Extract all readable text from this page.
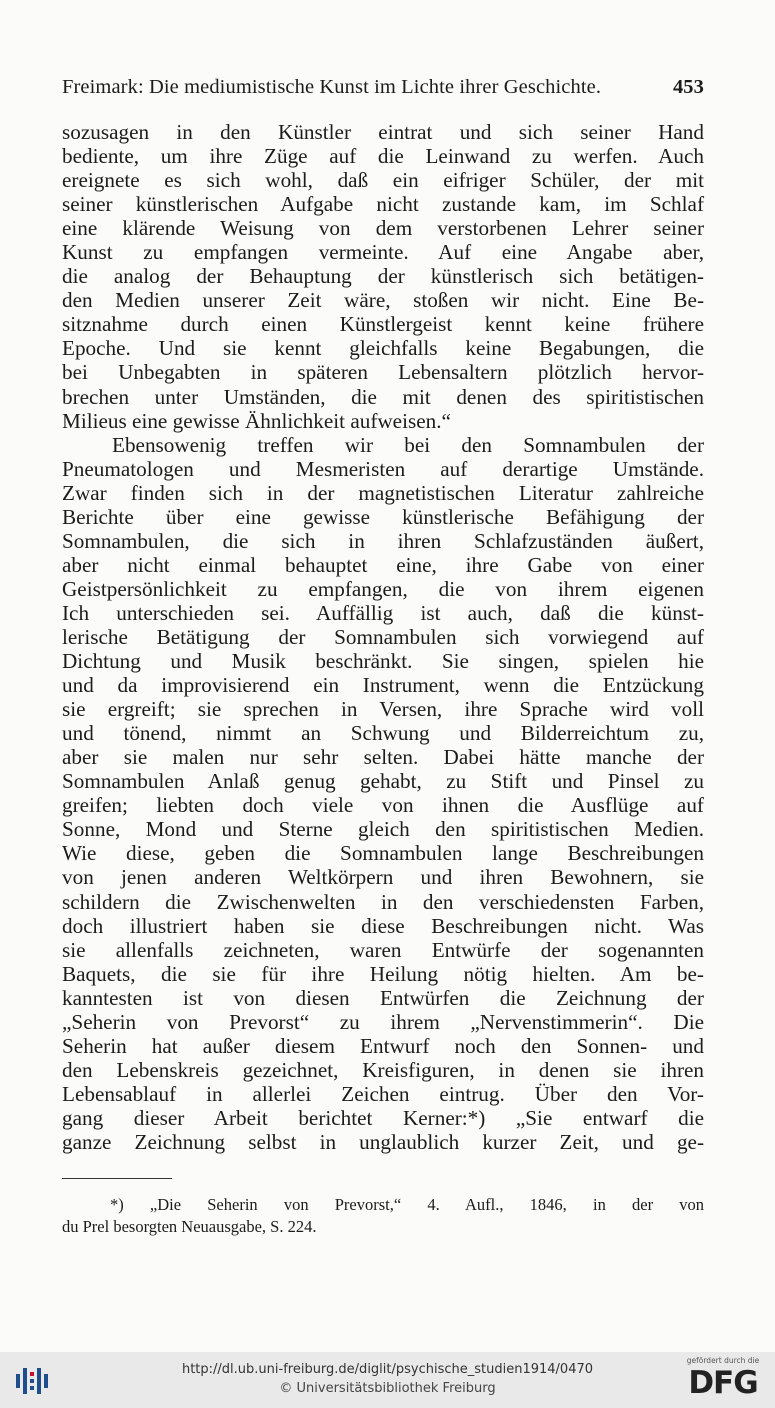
Freimark: Die mediumistische Kunst im Lichte ihrer Geschichte.	453
sozusagen in den Künstler eintrat und sich seiner Hand
bediente, um ihre Züge auf die Leinwand zu werfen. Auch
ereignete es sich wohl, daß ein eifriger Schüler, der mit
seiner künstlerischen Aufgabe nicht zustande kam, im Schlaf
eine klärende Weisung von dem verstorbenen Lehrer seiner
Kunst zu empfangen vermeinte. Auf eine Angabe aber,
die analog der Behauptung der künstlerisch sich betätigen-
den Medien unserer Zeit wäre, stoßen wir nicht. Eine Be-
sitznahme durch einen Künstlergeist kennt keine frühere
Epoche. Und sie kennt gleichfalls keine Begabungen, die
bei Unbegabten in späteren Lebensaltern plötzlich hervor-
brechen unter Umständen, die mit denen des spiritistischen
Milieus eine gewisse Ähnlichkeit aufweisen.“
Ebensowenig treffen wir bei den Somnambulen der
Pneumatologen und Mesmeristen auf derartige Umstände.
Zwar finden sich in der magnetistischen Literatur zahlreiche
Berichte über eine gewisse künstlerische Befähigung der
Somnambulen, die sich in ihren Schlafzuständen äußert,
aber nicht einmal behauptet eine, ihre Gabe von einer
Geistpersönlichkeit zu empfangen, die von ihrem eigenen
Ich unterschieden sei. Auffällig ist auch, daß die künst-
lerische Betätigung der Somnambulen sich vorwiegend auf
Dichtung und Musik beschränkt. Sie singen, spielen hie
und da improvisierend ein Instrument, wenn die Entzückung
sie ergreift; sie sprechen in Versen, ihre Sprache wird voll
und tönend, nimmt an Schwung und Bilderreichtum zu,
aber sie malen nur sehr selten. Dabei hätte manche der
Somnambulen Anlaß genug gehabt, zu Stift und Pinsel zu
greifen; liebten doch viele von ihnen die Ausflüge auf
Sonne, Mond und Sterne gleich den spiritistischen Medien.
Wie diese, geben die Somnambulen lange Beschreibungen
von jenen anderen Weltkörpern und ihren Bewohnern, sie
schildern die Zwischenwelten in den verschiedensten Farben,
doch illustriert haben sie diese Beschreibungen nicht. Was
sie allenfalls zeichneten, waren Entwürfe der sogenannten
Baquets, die sie für ihre Heilung nötig hielten. Am be-
kanntesten ist von diesen Entwürfen die Zeichnung der
„Seherin von Prevorst“ zu ihrem „Nervenstimmerin“. Die
Seherin hat außer diesem Entwurf noch den Sonnen- und
den Lebenskreis gezeichnet, Kreisfiguren, in denen sie ihren
Lebensablauf in allerlei Zeichen eintrug. Über den Vor-
gang dieser Arbeit berichtet Kerner:*) „Sie entwarf die
ganze Zeichnung selbst in unglaublich kurzer Zeit, und ge-
*) „Die Seherin von Prevorst,“ 4. Aufl., 1846, in der von
du Prel besorgten Neuausgabe, S. 224.
http://dl.ub.uni-freiburg.de/diglit/psychische_studien1914/0470
© Universitätsbibliothek Freiburg
gefördert durch die
DFG
